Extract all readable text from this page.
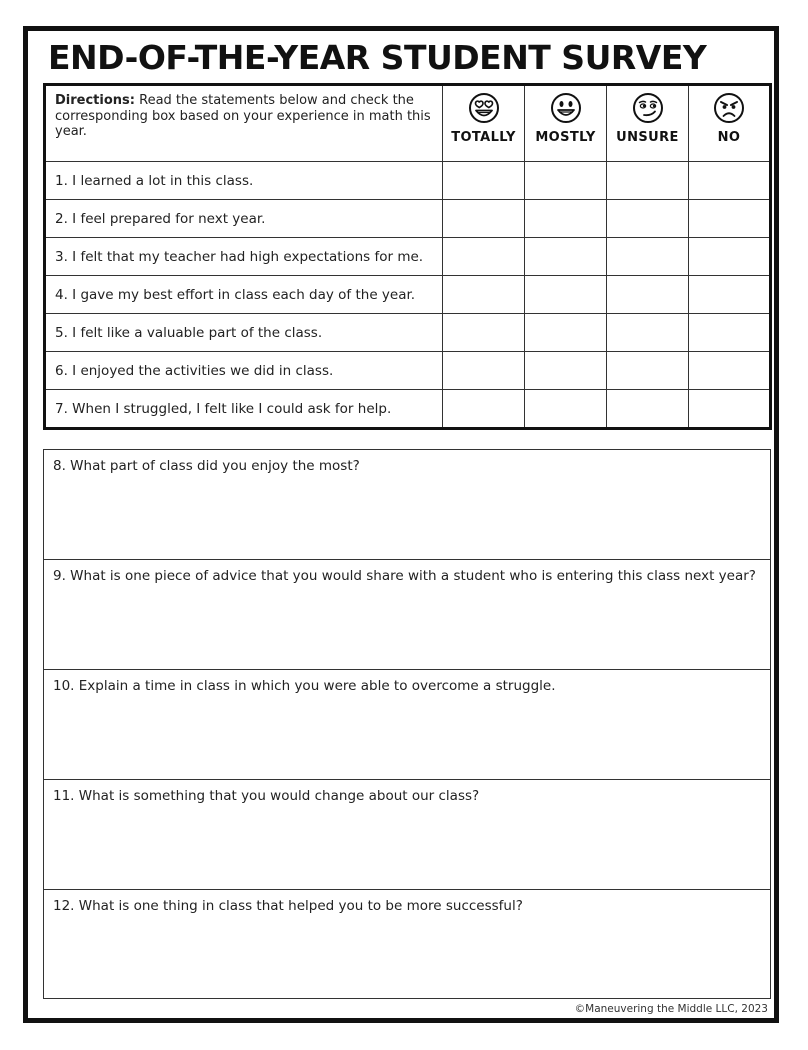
END-OF-THE-YEAR STUDENT SURVEY
Directions: Read the statements below and check the corresponding box based on your experience in math this year.	TOTALLY	MOSTLY	UNSURE	NO

1. I learned a lot in this class.				
2. I feel prepared for next year.				
3. I felt that my teacher had high expectations for me.				
4. I gave my best effort in class each day of the year.				
5. I felt like a valuable part of the class.				
6. I enjoyed the activities we did in class.				
7. When I struggled, I felt like I could ask for help.				
8. What part of class did you enjoy the most?
9. What is one piece of advice that you would share with a student who is entering this class next year?
10. Explain a time in class in which you were able to overcome a struggle.
11. What is something that you would change about our class?
12. What is one thing in class that helped you to be more successful?
©Maneuvering the Middle LLC, 2023
